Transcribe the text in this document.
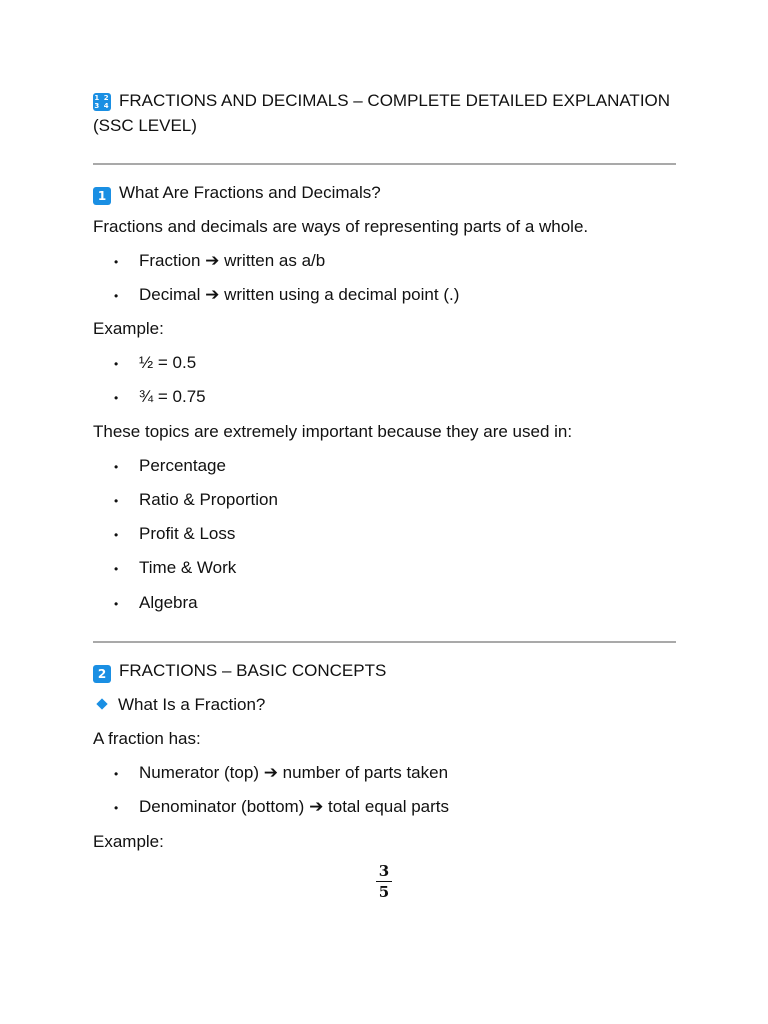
1 2
3 4 FRACTIONS AND DECIMALS – COMPLETE DETAILED EXPLANATION (SSC LEVEL)
1 What Are Fractions and Decimals?
Fractions and decimals are ways of representing parts of a whole.
• Fraction ➔ written as a/b
• Decimal ➔ written using a decimal point (.)
Example:
• ½ = 0.5
• ¾ = 0.75
These topics are extremely important because they are used in:
• Percentage
• Ratio & Proportion
• Profit & Loss
• Time & Work
• Algebra
2 FRACTIONS – BASIC CONCEPTS
What Is a Fraction?
A fraction has:
• Numerator (top) ➔ number of parts taken
• Denominator (bottom) ➔ total equal parts
Example:
3
5
